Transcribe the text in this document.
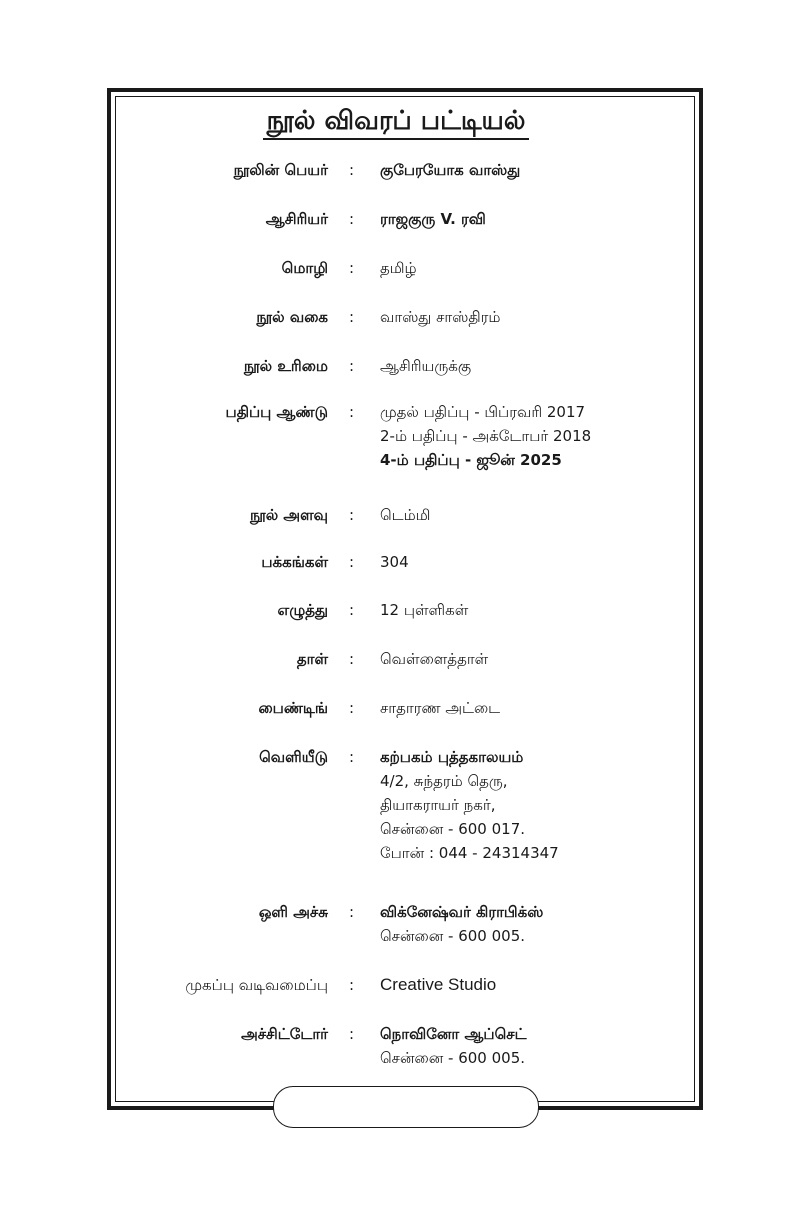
நூல் விவரப் பட்டியல்
நூலின் பெயர் : குபேரயோக வாஸ்து
ஆசிரியர் : ராஜகுரு V. ரவி
மொழி : தமிழ்
நூல் வகை : வாஸ்து சாஸ்திரம்
நூல் உரிமை : ஆசிரியருக்கு
பதிப்பு ஆண்டு : முதல் பதிப்பு - பிப்ரவரி 2017
2-ம் பதிப்பு - அக்டோபர் 2018
4-ம் பதிப்பு - ஜூன் 2025
நூல் அளவு : டெம்மி
பக்கங்கள் : 304
எழுத்து : 12 புள்ளிகள்
தாள் : வெள்ளைத்தாள்
பைண்டிங் : சாதாரண அட்டை
வெளியீடு : கற்பகம் புத்தகாலயம்
4/2, சுந்தரம் தெரு,
தியாகராயர் நகர்,
சென்னை - 600 017.
போன் : 044 - 24314347
ஒளி அச்சு : விக்னேஷ்வர் கிராபிக்ஸ்
சென்னை - 600 005.
முகப்பு வடிவமைப்பு : Creative Studio
அச்சிட்டோர் : நொவினோ ஆப்செட்
சென்னை - 600 005.
